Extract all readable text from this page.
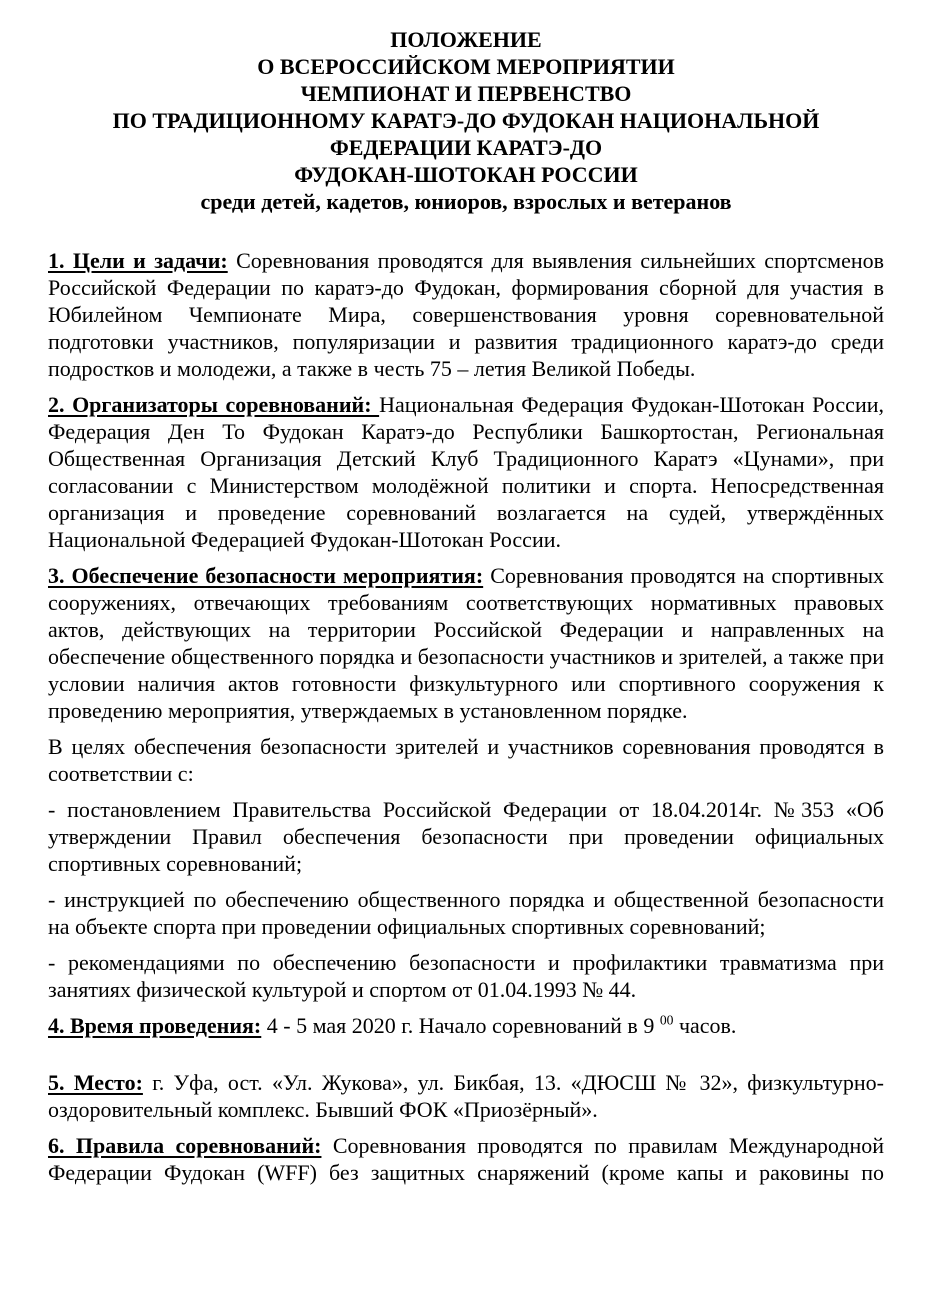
ПОЛОЖЕНИЕ
О ВСЕРОССИЙСКОМ МЕРОПРИЯТИИ
ЧЕМПИОНАТ И ПЕРВЕНСТВО
ПО ТРАДИЦИОННОМУ КАРАТЭ-ДО ФУДОКАН НАЦИОНАЛЬНОЙ
ФЕДЕРАЦИИ КАРАТЭ-ДО
ФУДОКАН-ШОТОКАН РОССИИ
среди детей, кадетов, юниоров, взрослых и ветеранов

1. Цели и задачи: Соревнования проводятся для выявления сильнейших спортсменов Российской Федерации по каратэ-до Фудокан, формирования сборной для участия в Юбилейном Чемпионате Мира, совершенствования уровня соревновательной подготовки участников, популяризации и развития традиционного каратэ-до среди подростков и молодежи, а также в честь 75 – летия Великой Победы.

2. Организаторы соревнований: Национальная Федерация Фудокан-Шотокан России, Федерация Ден То Фудокан Каратэ-до Республики Башкортостан, Региональная Общественная Организация Детский Клуб Традиционного Каратэ «Цунами», при согласовании с Министерством молодёжной политики и спорта. Непосредственная организация и проведение соревнований возлагается на судей, утверждённых Национальной Федерацией Фудокан-Шотокан России.

3. Обеспечение безопасности мероприятия: Соревнования проводятся на спортивных сооружениях, отвечающих требованиям соответствующих нормативных правовых актов, действующих на территории Российской Федерации и направленных на обеспечение общественного порядка и безопасности участников и зрителей, а также при условии наличия актов готовности физкультурного или спортивного сооружения к проведению мероприятия, утверждаемых в установленном порядке.

В целях обеспечения безопасности зрителей и участников соревнования проводятся в соответствии с:

- постановлением Правительства Российской Федерации от 18.04.2014г. №353 «Об утверждении Правил обеспечения безопасности при проведении официальных спортивных соревнований;

- инструкцией по обеспечению общественного порядка и общественной безопасности на объекте спорта при проведении официальных спортивных соревнований;

- рекомендациями по обеспечению безопасности и профилактики травматизма при занятиях физической культурой и спортом от 01.04.1993 № 44.

4. Время проведения: 4 - 5 мая 2020 г. Начало соревнований в 9 $^{00}$ часов.

5. Место: г. Уфа, ост. «Ул. Жукова», ул. Бикбая, 13. «ДЮСШ № 32», физкультурно-оздоровительный комплекс. Бывший ФОК «Приозёрный».

6. Правила соревнований: Соревнования проводятся по правилам Международной Федерации Фудокан (WFF) без защитных снаряжений (кроме капы и раковины по
